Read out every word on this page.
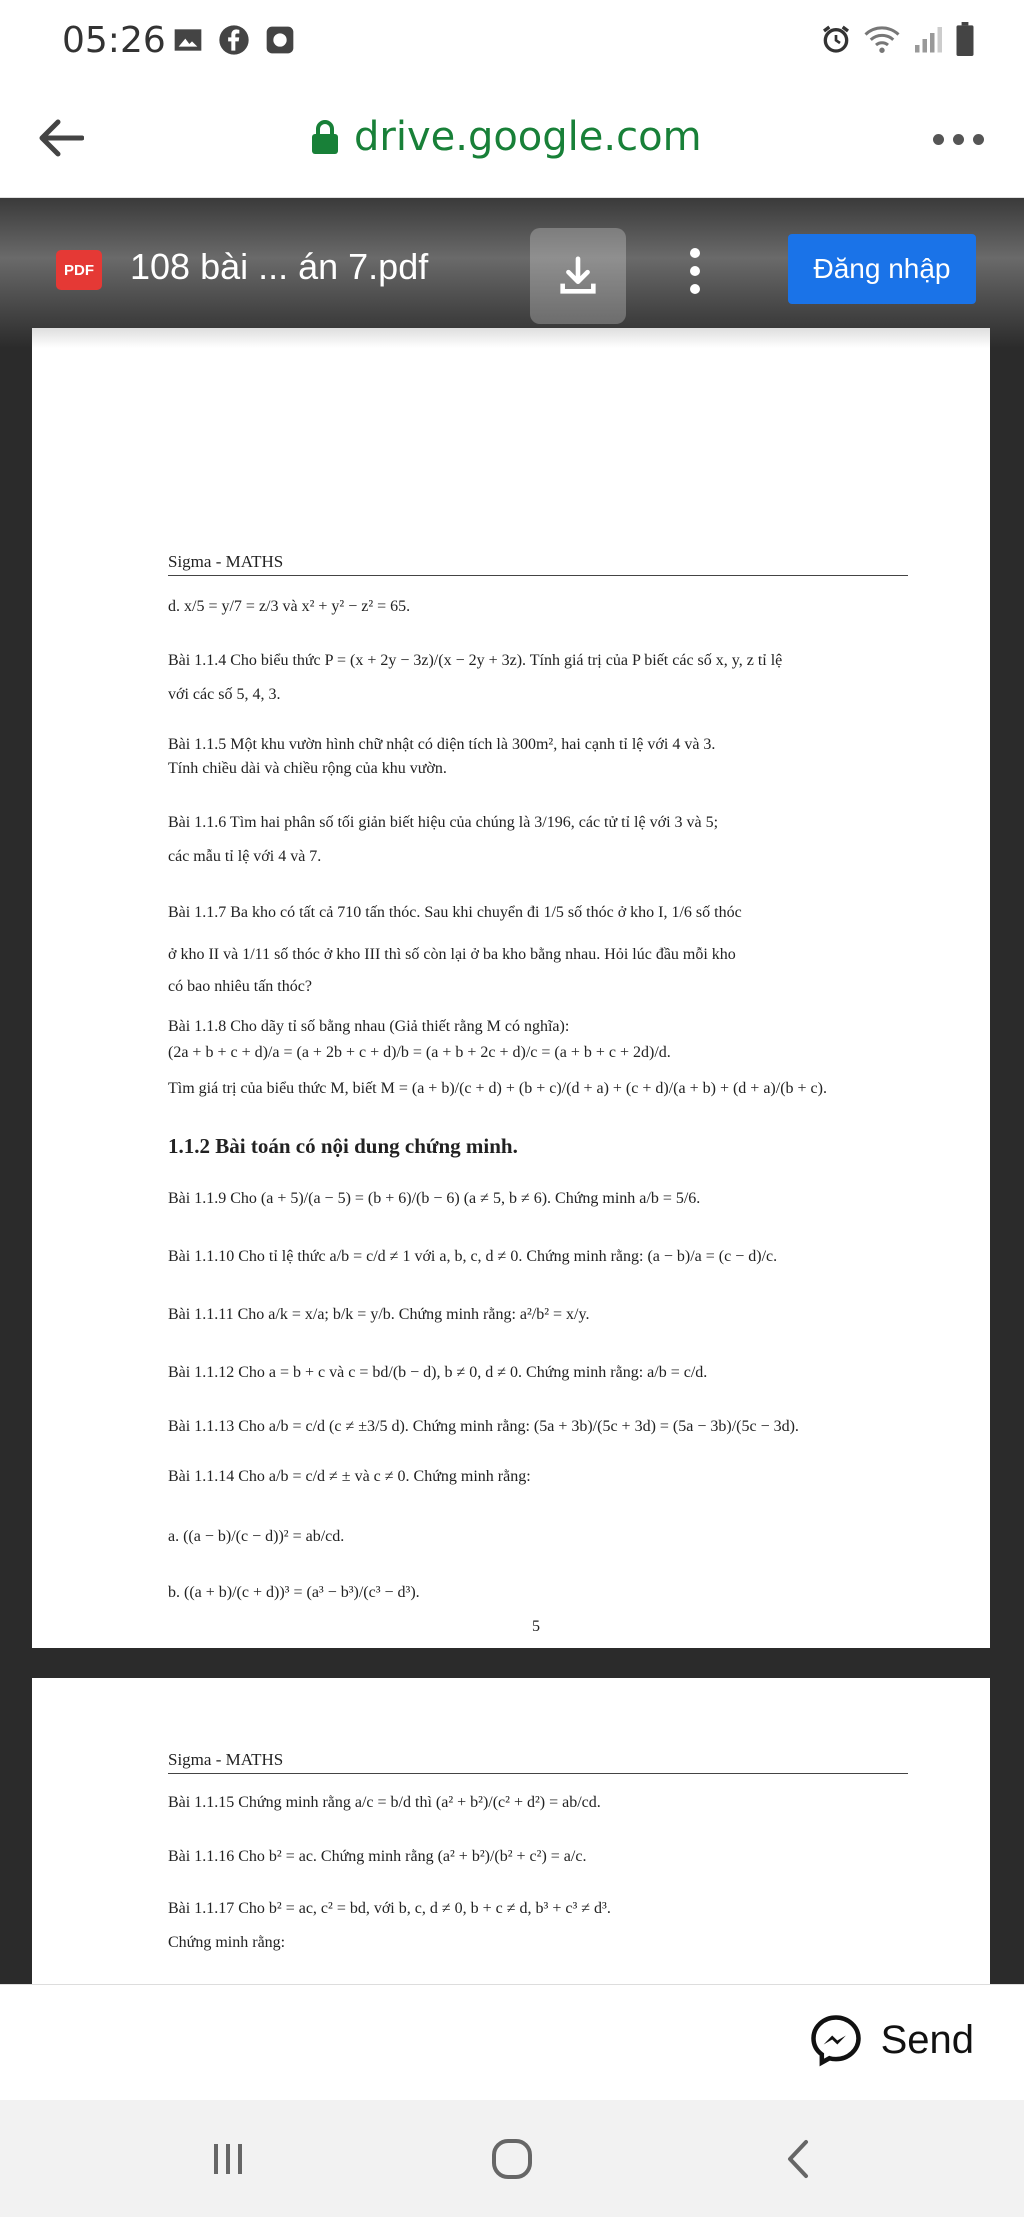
05:26
drive.google.com
Sigma - MATHS
d. x/5 = y/7 = z/3 và x² + y² − z² = 65.
Bài 1.1.4 Cho biểu thức P = (x + 2y − 3z)/(x − 2y + 3z). Tính giá trị của P biết các số x, y, z tỉ lệ
với các số 5, 4, 3.
Bài 1.1.5 Một khu vườn hình chữ nhật có diện tích là 300m², hai cạnh tỉ lệ với 4 và 3.
Tính chiều dài và chiều rộng của khu vườn.
Bài 1.1.6 Tìm hai phân số tối giản biết hiệu của chúng là 3/196, các tử tỉ lệ với 3 và 5;
các mẫu tỉ lệ với 4 và 7.
Bài 1.1.7 Ba kho có tất cả 710 tấn thóc. Sau khi chuyển đi 1/5 số thóc ở kho I, 1/6 số thóc
ở kho II và 1/11 số thóc ở kho III thì số còn lại ở ba kho bằng nhau. Hỏi lúc đầu mỗi kho
có bao nhiêu tấn thóc?
Bài 1.1.8 Cho dãy tỉ số bằng nhau (Giả thiết rằng M có nghĩa):
(2a + b + c + d)/a = (a + 2b + c + d)/b = (a + b + 2c + d)/c = (a + b + c + 2d)/d.
Tìm giá trị của biểu thức M, biết M = (a + b)/(c + d) + (b + c)/(d + a) + (c + d)/(a + b) + (d + a)/(b + c).
1.1.2 Bài toán có nội dung chứng minh.
Bài 1.1.9 Cho (a + 5)/(a − 5) = (b + 6)/(b − 6) (a ≠ 5, b ≠ 6). Chứng minh a/b = 5/6.
Bài 1.1.10 Cho tỉ lệ thức a/b = c/d ≠ 1 với a, b, c, d ≠ 0. Chứng minh rằng: (a − b)/a = (c − d)/c.
Bài 1.1.11 Cho a/k = x/a; b/k = y/b. Chứng minh rằng: a²/b² = x/y.
Bài 1.1.12 Cho a = b + c và c = bd/(b − d), b ≠ 0, d ≠ 0. Chứng minh rằng: a/b = c/d.
Bài 1.1.13 Cho a/b = c/d (c ≠ ±3/5 d). Chứng minh rằng: (5a + 3b)/(5c + 3d) = (5a − 3b)/(5c − 3d).
Bài 1.1.14 Cho a/b = c/d ≠ ± và c ≠ 0. Chứng minh rằng:
a. ((a − b)/(c − d))² = ab/cd.
b. ((a + b)/(c + d))³ = (a³ − b³)/(c³ − d³).
5
Sigma - MATHS
Bài 1.1.15 Chứng minh rằng a/c = b/d thì (a² + b²)/(c² + d²) = ab/cd.
Bài 1.1.16 Cho b² = ac. Chứng minh rằng (a² + b²)/(b² + c²) = a/c.
Bài 1.1.17 Cho b² = ac, c² = bd, với b, c, d ≠ 0, b + c ≠ d, b³ + c³ ≠ d³.
Chứng minh rằng:
PDF 108 bài ... án 7.pdf	Đăng nhập
Send
